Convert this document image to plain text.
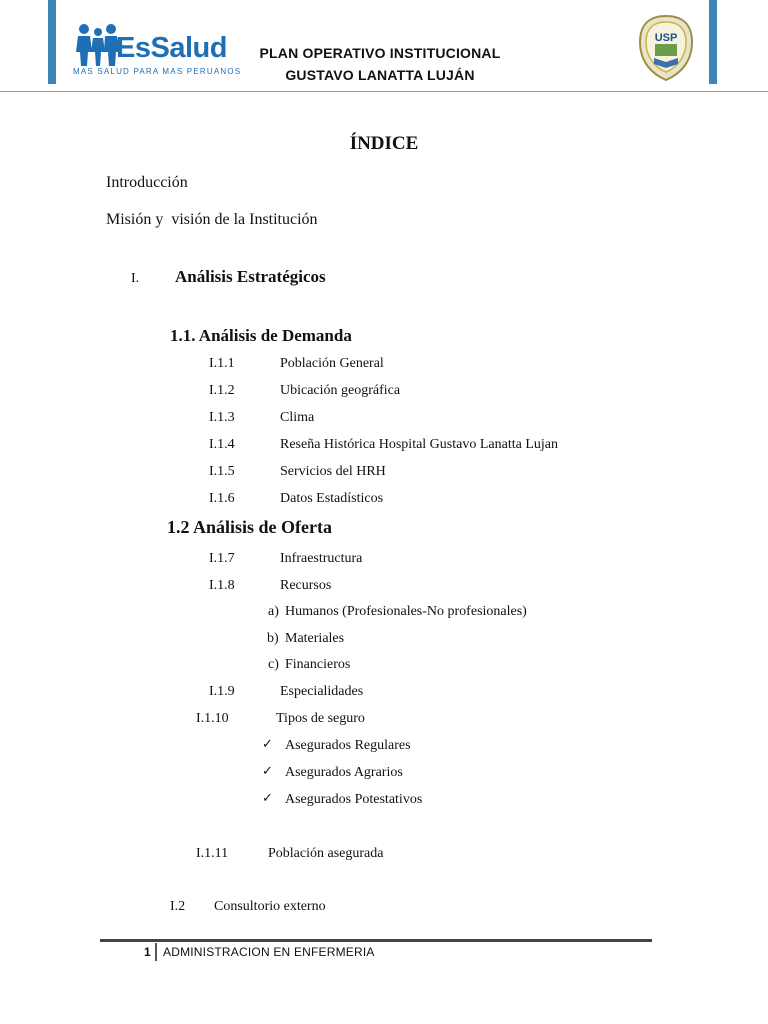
EsSalud
MAS SALUD PARA MAS PERUANOS
PLAN OPERATIVO INSTITUCIONAL
GUSTAVO LANATTA LUJÁN
USP
ÍNDICE
Introducción
Misión y  visión de la Institución
I. Análisis Estratégicos
1.1. Análisis de Demanda
I.1.1	Población General
I.1.2	Ubicación geográfica
I.1.3	Clima
I.1.4	Reseña Histórica Hospital Gustavo Lanatta Lujan
I.1.5	Servicios del HRH
I.1.6	Datos Estadísticos
1.2 Análisis de Oferta
I.1.7	Infraestructura
I.1.8	Recursos
a) Humanos (Profesionales-No profesionales)
b) Materiales
c) Financieros
I.1.9	Especialidades
I.1.10	Tipos de seguro
✓ Asegurados Regulares
✓ Asegurados Agrarios
✓ Asegurados Potestativos
I.1.11	Población asegurada
I.2 Consultorio externo
1 ADMINISTRACION EN ENFERMERIA
